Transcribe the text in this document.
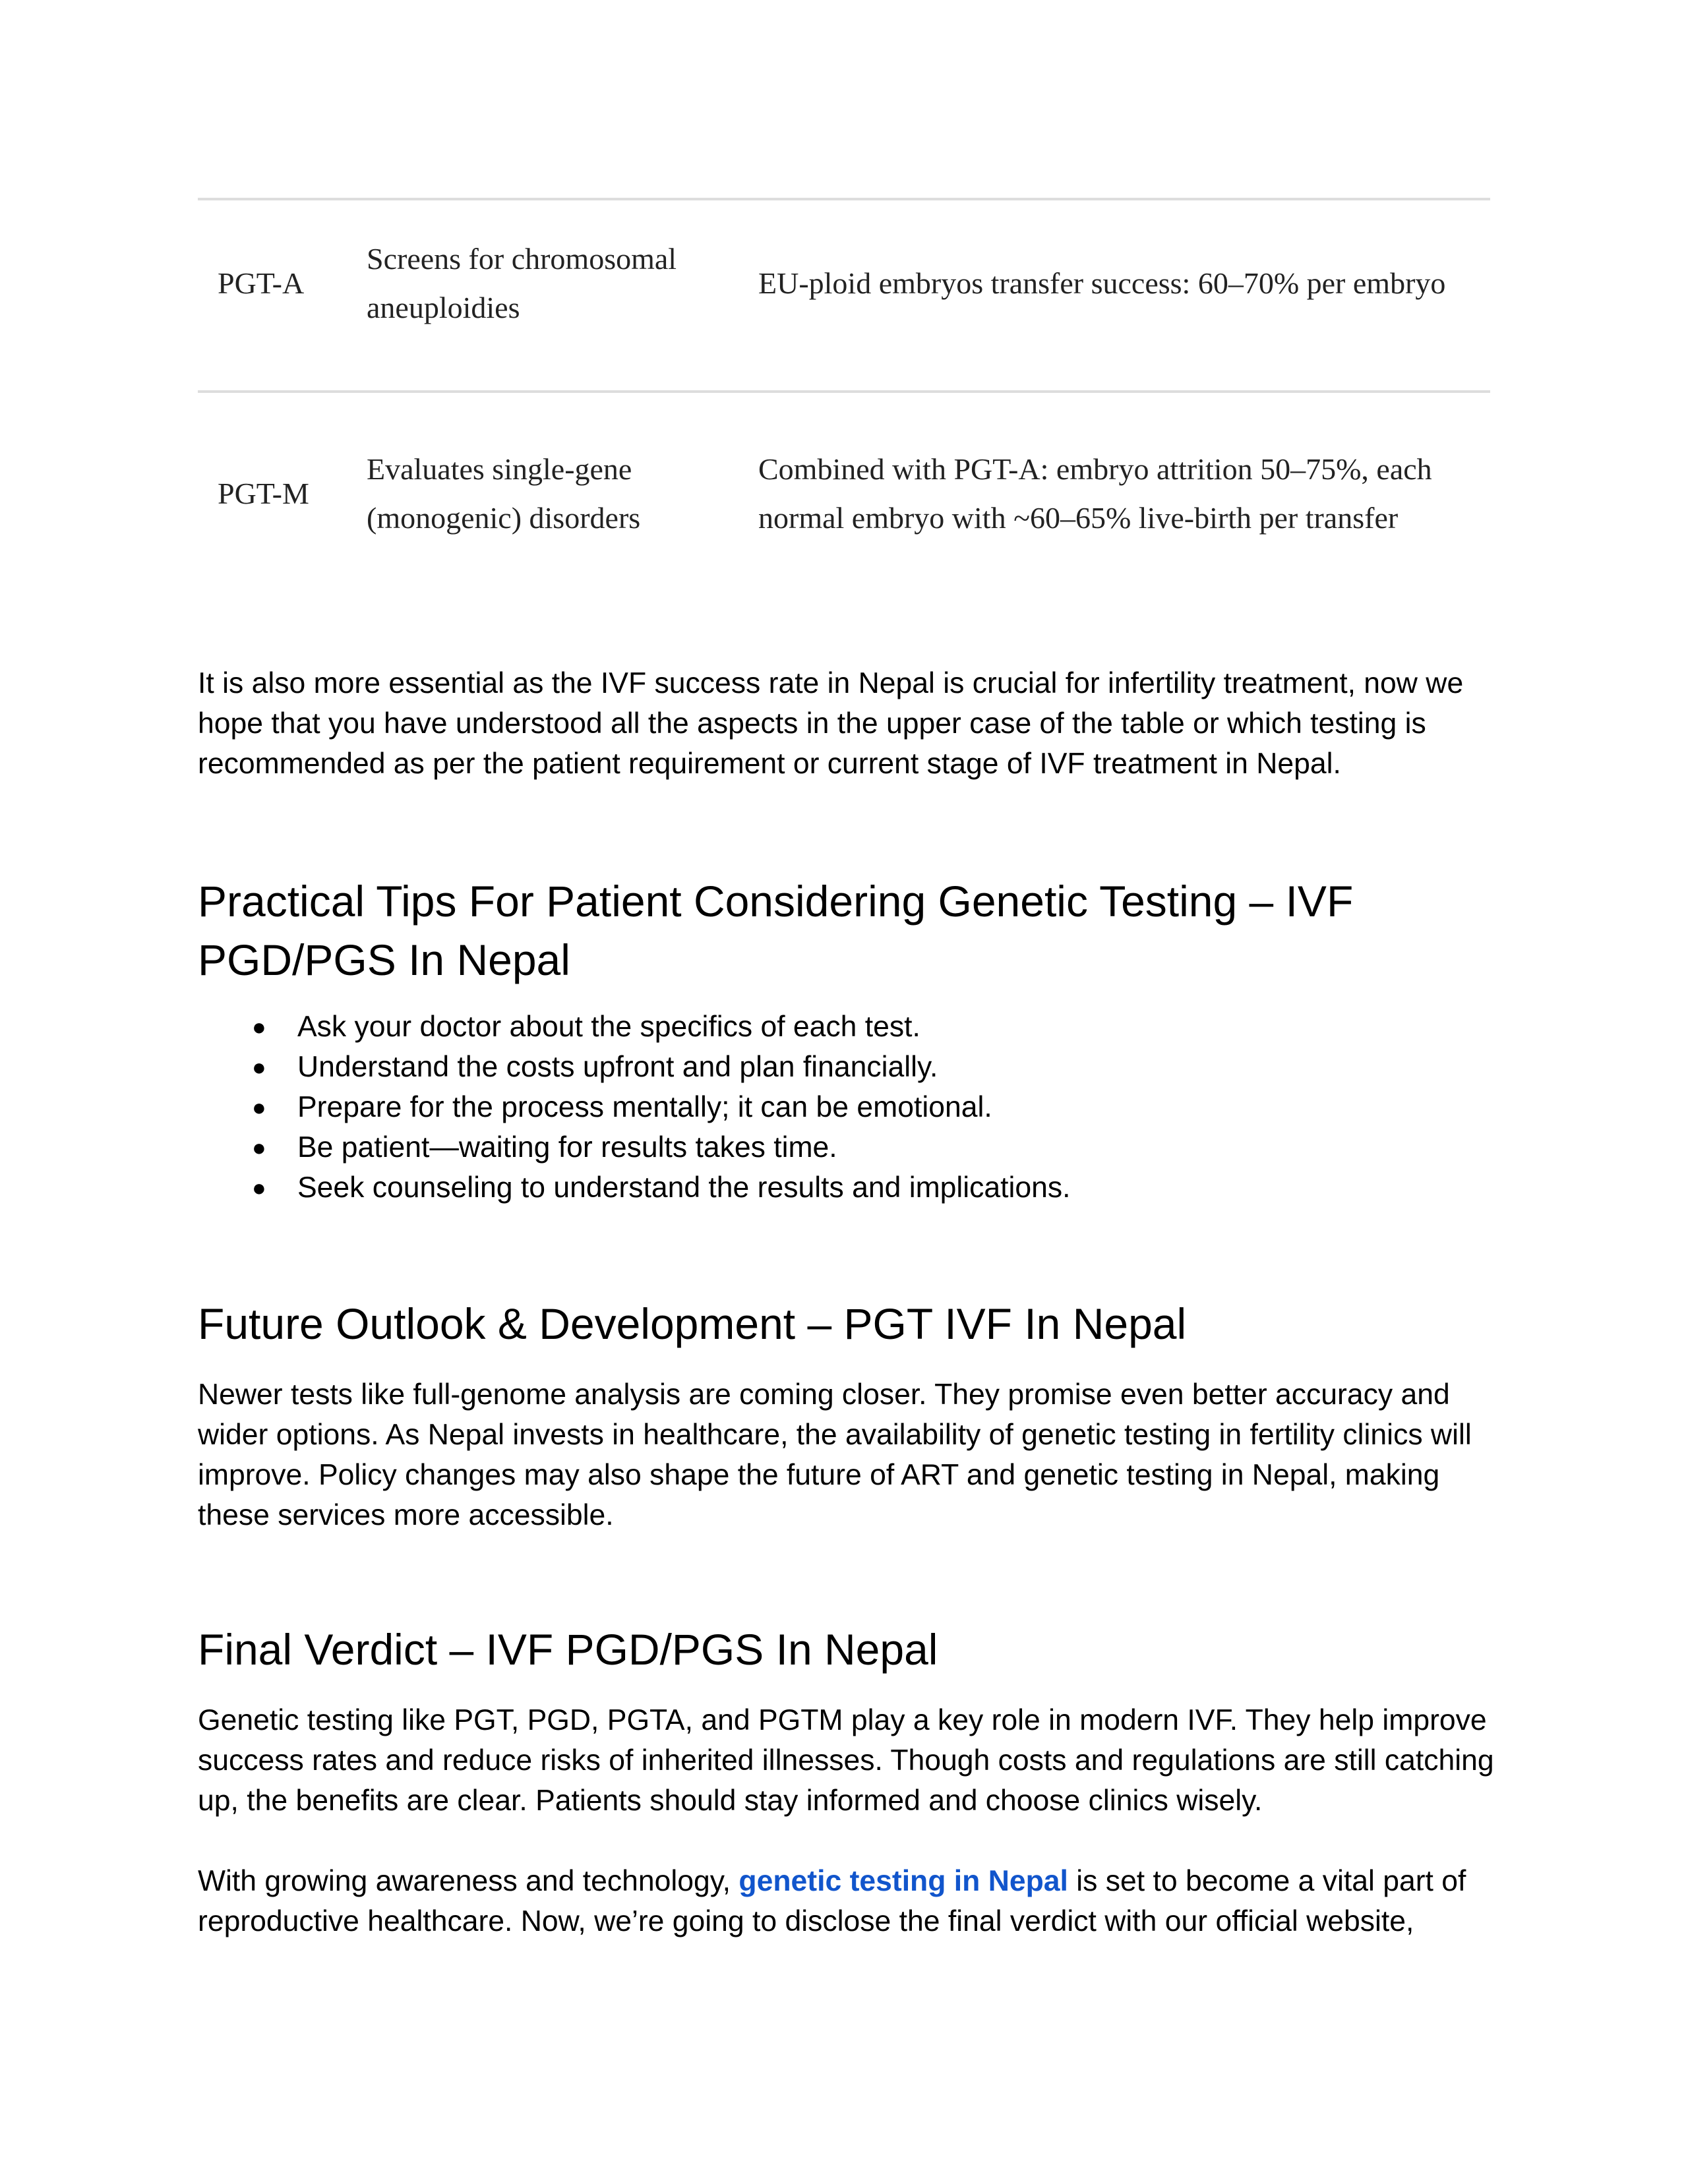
PGT-A	Screens for chromosomal aneuploidies	EU-ploid embryos transfer success: 60–70% per embryo
PGT-M	Evaluates single-gene (monogenic) disorders	Combined with PGT-A: embryo attrition 50–75%, each normal embryo with ~60–65% live-birth per transfer

It is also more essential as the IVF success rate in Nepal is crucial for infertility treatment, now we hope that you have understood all the aspects in the upper case of the table or which testing is recommended as per the patient requirement or current stage of IVF treatment in Nepal.

Practical Tips For Patient Considering Genetic Testing – IVF PGD/PGS In Nepal
● Ask your doctor about the specifics of each test.
● Understand the costs upfront and plan financially.
● Prepare for the process mentally; it can be emotional.
● Be patient—waiting for results takes time.
● Seek counseling to understand the results and implications.
Future Outlook & Development – PGT IVF In Nepal

Newer tests like full-genome analysis are coming closer. They promise even better accuracy and wider options. As Nepal invests in healthcare, the availability of genetic testing in fertility clinics will improve. Policy changes may also shape the future of ART and genetic testing in Nepal, making these services more accessible.

Final Verdict – IVF PGD/PGS In Nepal

Genetic testing like PGT, PGD, PGTA, and PGTM play a key role in modern IVF. They help improve success rates and reduce risks of inherited illnesses. Though costs and regulations are still catching up, the benefits are clear. Patients should stay informed and choose clinics wisely.

With growing awareness and technology, genetic testing in Nepal is set to become a vital part of reproductive healthcare. Now, we’re going to disclose the final verdict with our official website,
